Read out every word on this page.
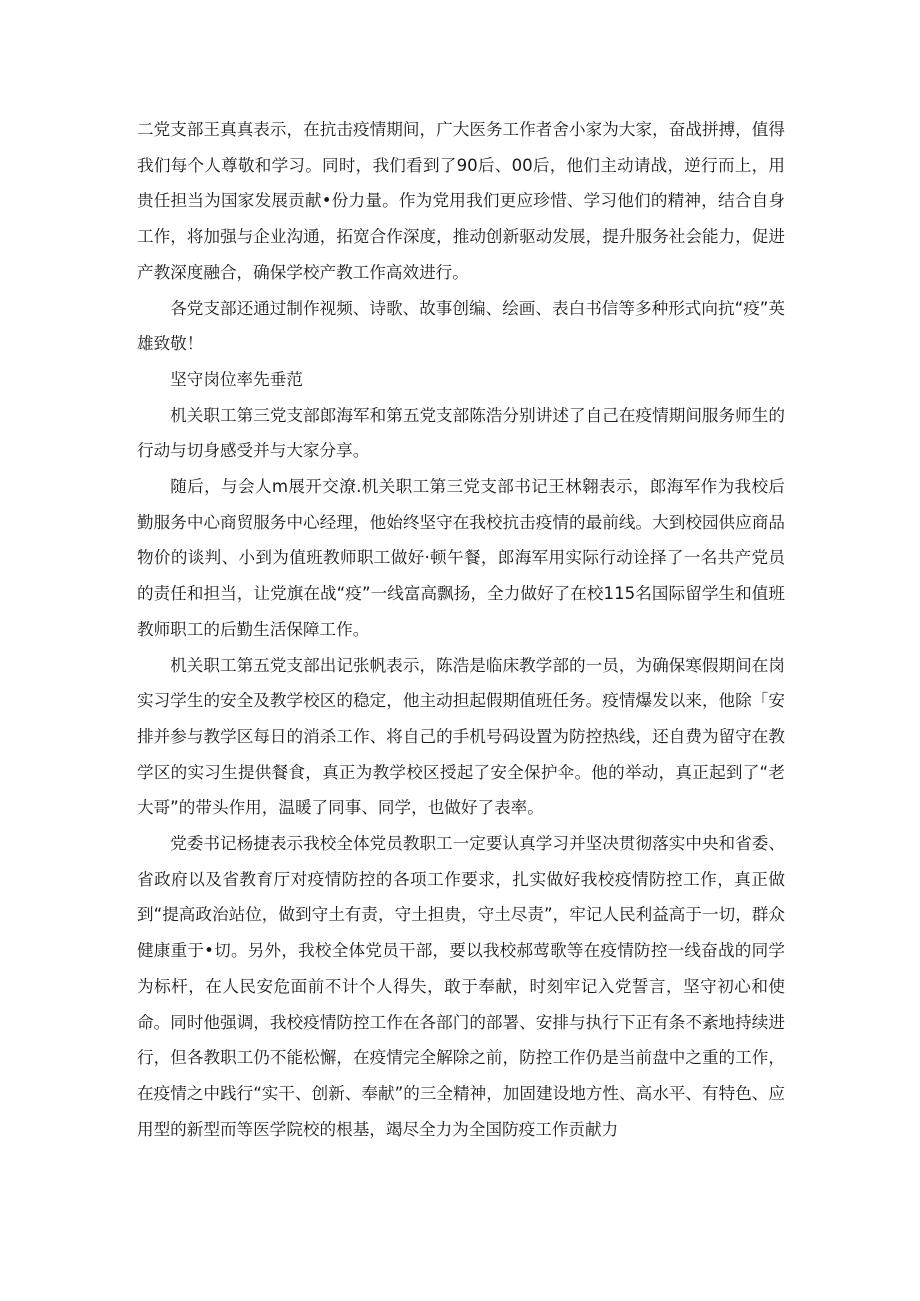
二党支部王真真表示，在抗击疫情期间，广大医务工作者舍小家为大家，奋战拼搏，值得我们每个人尊敬和学习。同时，我们看到了90后、00后，他们主动请战，逆行而上，用贵任担当为国家发展贡献•份力量。作为党用我们更应珍惜、学习他们的精神，结合自身工作，将加强与企业沟通，拓宽合作深度，推动创新驱动发展，提升服务社会能力，促进产教深度融合，确保学校产教工作高效进行。

各党支部还通过制作视频、诗歌、故事创编、绘画、表白书信等多种形式向抗“疫”英雄致敬！

坚守岗位率先垂范

机关职工第三党支部郎海军和第五党支部陈浩分别讲述了自己在疫情期间服务师生的行动与切身感受并与大家分享。

随后，与会人m展开交潦.机关职工第三党支部书记王林翱表示，郎海军作为我校后勤服务中心商贸服务中心经理，他始终坚守在我校抗击疫情的最前线。大到校园供应商品物价的谈判、小到为值班教师职工做好·顿午餐，郎海军用实际行动诠择了一名共产党员的责任和担当，让党旗在战“疫”一线富高飘扬，全力做好了在校115名国际留学生和值班教师职工的后勤生活保障工作。

机关职工第五党支部出记张帆表示，陈浩是临床教学部的一员，为确保寒假期间在岗实习学生的安全及教学校区的稳定，他主动担起假期值班任务。疫情爆发以来，他除「安排并参与教学区每日的消杀工作、将自己的手机号码设置为防控热线，还自费为留守在教学区的实习生提供餐食，真正为教学校区授起了安全保护伞。他的举动，真正起到了“老大哥”的带头作用，温暖了同事、同学，也做好了表率。

党委书记杨捷表示我校全体党员教职工一定要认真学习并坚决贯彻落实中央和省委、省政府以及省教育厅对疫情防控的各项工作要求，扎实做好我校疫情防控工作，真正做到“提高政治站位，做到守土有责，守土担贵，守土尽责”，牢记人民利益高于一切，群众健康重于•切。另外，我校全体党员干部，要以我校郝莺歌等在疫情防控一线奋战的同学为标杆，在人民安危面前不计个人得失，敢于奉献，时刻牢记入党誓言，坚守初心和使命。同时他强调，我校疫情防控工作在各部门的部署、安排与执行下正有条不紊地持续进行，但各教职工仍不能松懈，在疫情完全解除之前，防控工作仍是当前盘中之重的工作，在疫情之中践行“实干、创新、奉献”的三全精神，加固建设地方性、高水平、有特色、应用型的新型而等医学院校的根基，竭尽全力为全国防疫工作贡献力
